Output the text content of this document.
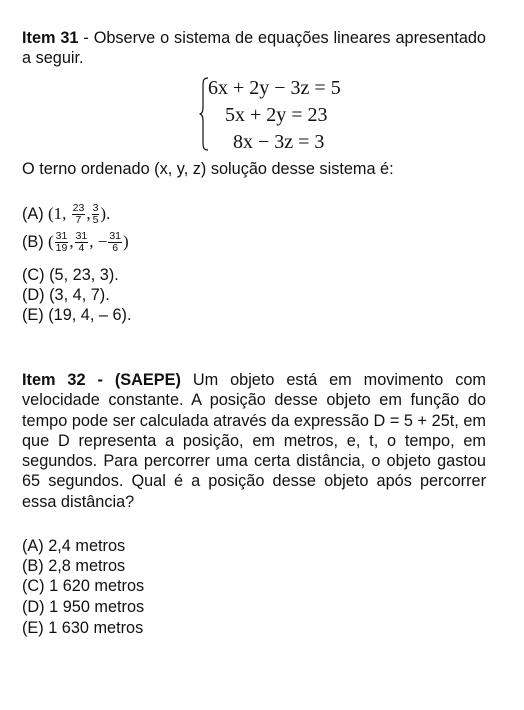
Item 31 - Observe o sistema de equações lineares apresentado a seguir.
6x + 2y − 3z = 5
5x + 2y = 23
8x − 3z = 3
O terno ordenado (x, y, z) solução desse sistema é:
(A) (1, $\frac{23}{7}$ , $\frac{3}{5}$ ).
(B) ( $\frac{31}{19}$ , $\frac{31}{4}$ , − $\frac{31}{6}$ )
(C) (5, 23, 3).
(D) (3, 4, 7).
(E) (19, 4, – 6).
Item 32 - (SAEPE) Um objeto está em movimento com velocidade constante. A posição desse objeto em função do tempo pode ser calculada através da expressão D = 5 + 25t, em que D representa a posição, em metros, e, t, o tempo, em segundos. Para percorrer uma certa distância, o objeto gastou 65 segundos. Qual é a posição desse objeto após percorrer essa distância?
(A) 2,4 metros
(B) 2,8 metros
(C) 1 620 metros
(D) 1 950 metros
(E) 1 630 metros
